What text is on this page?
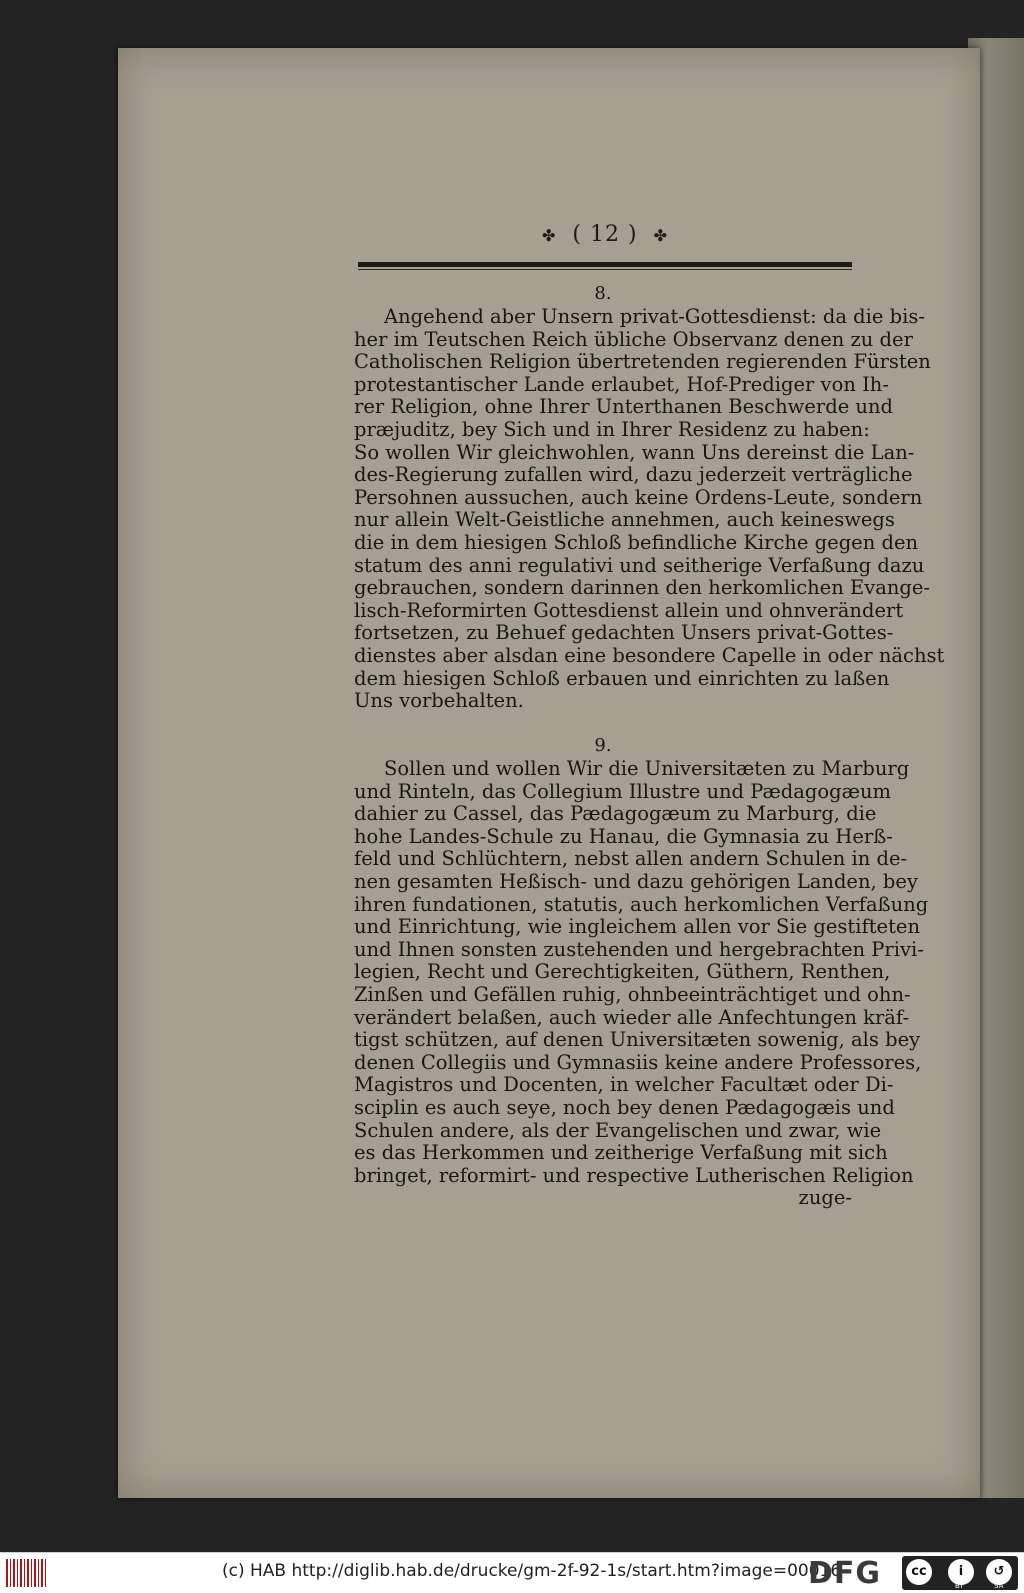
✤ ( 12 ) ✤
8.
Angehend aber Unsern privat-Gottesdienst: da die bis-
her im Teutschen Reich übliche Observanz denen zu der
Catholischen Religion übertretenden regierenden Fürsten
protestantischer Lande erlaubet, Hof-Prediger von Ih-
rer Religion, ohne Ihrer Unterthanen Beschwerde und
præjuditz, bey Sich und in Ihrer Residenz zu haben:
So wollen Wir gleichwohlen, wann Uns dereinst die Lan-
des-Regierung zufallen wird, dazu jederzeit verträgliche
Persohnen aussuchen, auch keine Ordens-Leute, sondern
nur allein Welt-Geistliche annehmen, auch keineswegs
die in dem hiesigen Schloß befindliche Kirche gegen den
statum des anni regulativi und seitherige Verfaßung dazu
gebrauchen, sondern darinnen den herkomlichen Evange-
lisch-Reformirten Gottesdienst allein und ohnverändert
fortsetzen, zu Behuef gedachten Unsers privat-Gottes-
dienstes aber alsdan eine besondere Capelle in oder nächst
dem hiesigen Schloß erbauen und einrichten zu laßen
Uns vorbehalten.
9.
Sollen und wollen Wir die Universitæten zu Marburg
und Rinteln, das Collegium Illustre und Pædagogæum
dahier zu Cassel, das Pædagogæum zu Marburg, die
hohe Landes-Schule zu Hanau, die Gymnasia zu Herß-
feld und Schlüchtern, nebst allen andern Schulen in de-
nen gesamten Heßisch- und dazu gehörigen Landen, bey
ihren fundationen, statutis, auch herkomlichen Verfaßung
und Einrichtung, wie ingleichem allen vor Sie gestifteten
und Ihnen sonsten zustehenden und hergebrachten Privi-
legien, Recht und Gerechtigkeiten, Güthern, Renthen,
Zinßen und Gefällen ruhig, ohnbeeinträchtiget und ohn-
verändert belaßen, auch wieder alle Anfechtungen kräf-
tigst schützen, auf denen Universitæten sowenig, als bey
denen Collegiis und Gymnasiis keine andere Professores,
Magistros und Docenten, in welcher Facultæt oder Di-
sciplin es auch seye, noch bey denen Pædagogæis und
Schulen andere, als der Evangelischen und zwar, wie
es das Herkommen und zeitherige Verfaßung mit sich
bringet, reformirt- und respective Lutherischen Religion
zuge-
(c) HAB http://diglib.hab.de/drucke/gm-2f-92-1s/start.htm?image=00016
DFG	cc	i	↺
BY	SA
